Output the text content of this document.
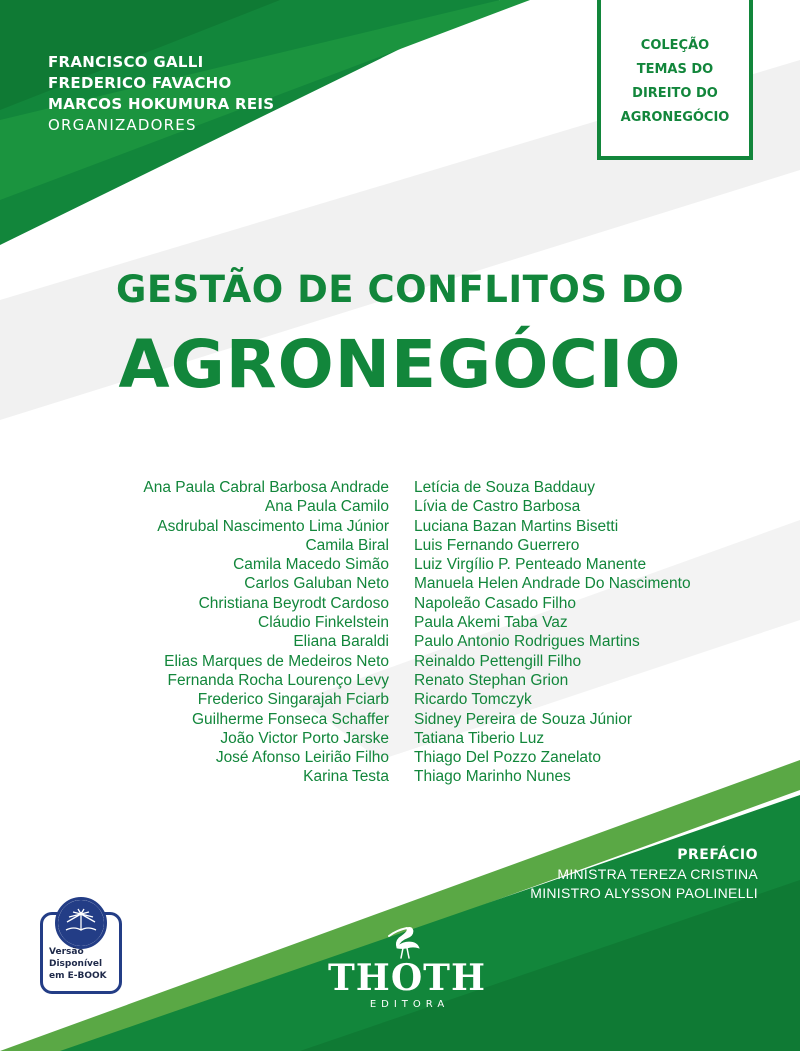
FRANCISCO GALLI
FREDERICO FAVACHO
MARCOS HOKUMURA REIS
ORGANIZADORES
COLEÇÃO
TEMAS DO
DIREITO DO
AGRONEGÓCIO
GESTÃO DE CONFLITOS DO
AGRONEGÓCIO
Ana Paula Cabral Barbosa Andrade
Ana Paula Camilo
Asdrubal Nascimento Lima Júnior
Camila Biral
Camila Macedo Simão
Carlos Galuban Neto
Christiana Beyrodt Cardoso
Cláudio Finkelstein
Eliana Baraldi
Elias Marques de Medeiros Neto
Fernanda Rocha Lourenço Levy
Frederico Singarajah Fciarb
Guilherme Fonseca Schaffer
João Victor Porto Jarske
José Afonso Leirião Filho
Karina Testa
Letícia de Souza Baddauy
Lívia de Castro Barbosa
Luciana Bazan Martins Bisetti
Luis Fernando Guerrero
Luiz Virgílio P. Penteado Manente
Manuela Helen Andrade Do Nascimento
Napoleão Casado Filho
Paula Akemi Taba Vaz
Paulo Antonio Rodrigues Martins
Reinaldo Pettengill Filho
Renato Stephan Grion
Ricardo Tomczyk
Sidney Pereira de Souza Júnior
Tatiana Tiberio Luz
Thiago Del Pozzo Zanelato
Thiago Marinho Nunes
PREFÁCIO
MINISTRA TEREZA CRISTINA
MINISTRO ALYSSON PAOLINELLI
Versão
Disponível
em E-BOOK	THOTH
EDITORA
